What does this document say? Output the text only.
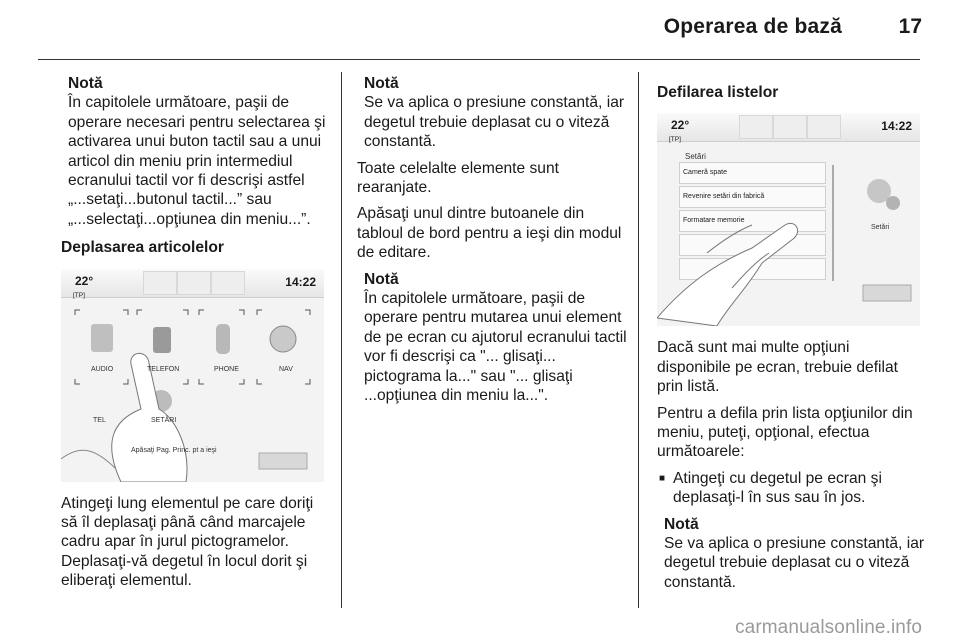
Operarea de bază	17

Notă

În capitolele următoare, paşii de operare necesari pentru selectarea şi activarea unui buton tactil sau a unui articol din meniu prin intermediul ecranului tactil vor fi descrişi astfel „...setaţi...butonul tactil...” sau „...selectaţi...opţiunea din meniu...”.

Deplasarea articolelor

22°
[TP]
14:22
AUDIO	TELEFON	PHONE	NAV
TEL	SETĂRI
Apăsaţi Pag. Princ. pt a ieşi

Atingeţi lung elementul pe care doriţi să îl deplasaţi până când marcajele cadru apar în jurul pictogramelor. Deplasaţi-vă degetul în locul dorit şi eliberaţi elementul.

Notă

Se va aplica o presiune constantă, iar degetul trebuie deplasat cu o viteză constantă.

Toate celelalte elemente sunt rearanjate.

Apăsaţi unul dintre butoanele din tabloul de bord pentru a ieşi din modul de editare.

Notă

În capitolele următoare, paşii de operare pentru mutarea unui element de pe ecran cu ajutorul ecranului tactil vor fi descrişi ca "... glisaţi... pictograma la..." sau "... glisaţi ...opţiunea din meniu la...".

Defilarea listelor

22°
[TP]
14:22
Setări
Cameră spate
Revenire setări din fabrică
Formatare memorie
Setări

Dacă sunt mai multe opţiuni disponibile pe ecran, trebuie defilat prin listă.

Pentru a defila prin lista opţiunilor din meniu, puteţi, opţional, efectua următoarele:

■ Atingeţi cu degetul pe ecran şi deplasaţi-l în sus sau în jos.

Notă

Se va aplica o presiune constantă, iar degetul trebuie deplasat cu o viteză constantă.

carmanualsonline.info
